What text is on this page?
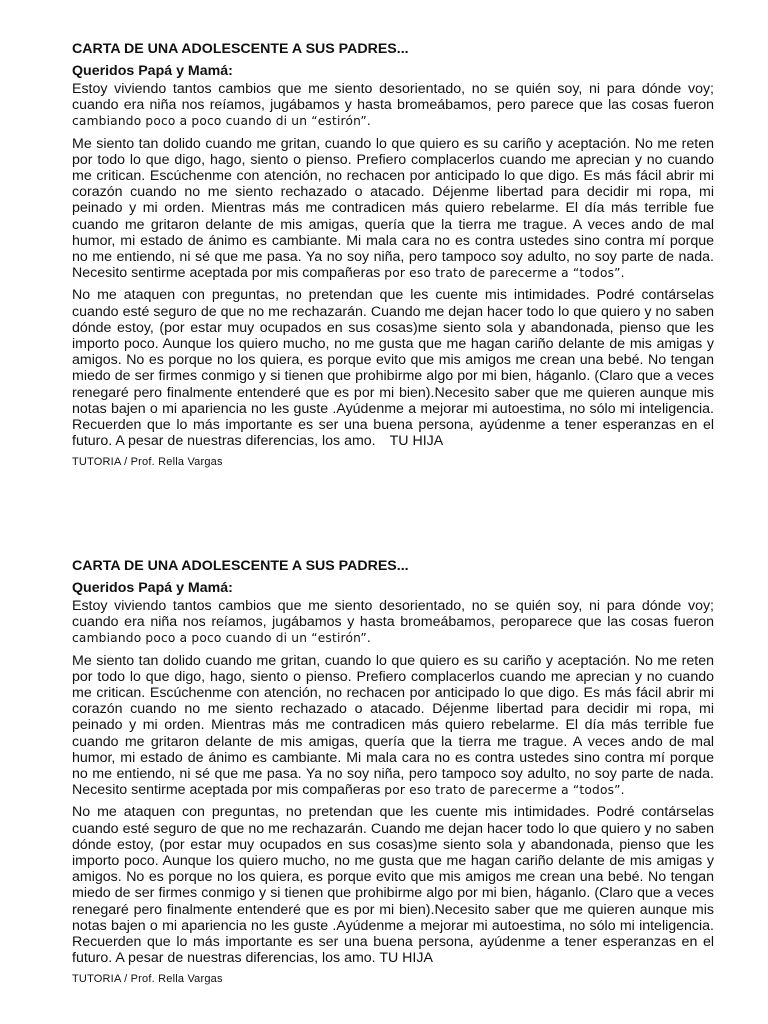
CARTA DE UNA ADOLESCENTE A SUS PADRES...
Queridos Papá y Mamá:

Estoy viviendo tantos cambios que me siento desorientado, no se quién soy, ni para dónde voy; cuando era niña nos reíamos, jugábamos y hasta bromeábamos, pero parece que las cosas fueron cambiando poco a poco cuando di un “estirón”.

Me siento tan dolido cuando me gritan, cuando lo que quiero es su cariño y aceptación. No me reten por todo lo que digo, hago, siento o pienso. Prefiero complacerlos cuando me aprecian y no cuando me critican. Escúchenme con atención, no rechacen por anticipado lo que digo. Es más fácil abrir mi corazón cuando no me siento rechazado o atacado. Déjenme libertad para decidir mi ropa, mi peinado y mi orden. Mientras más me contradicen más quiero rebelarme. El día más terrible fue cuando me gritaron delante de mis amigas, quería que la tierra me trague. A veces ando de mal humor, mi estado de ánimo es cambiante. Mi mala cara no es contra ustedes sino contra mí porque no me entiendo, ni sé que me pasa. Ya no soy niña, pero tampoco soy adulto, no soy parte de nada. Necesito sentirme aceptada por mis compañeras por eso trato de parecerme a “todos”.

No me ataquen con preguntas, no pretendan que les cuente mis intimidades. Podré contárselas cuando esté seguro de que no me rechazarán. Cuando me dejan hacer todo lo que quiero y no saben dónde estoy, (por estar muy ocupados en sus cosas)me siento sola y abandonada, pienso que les importo poco. Aunque los quiero mucho, no me gusta que me hagan cariño delante de mis amigas y amigos. No es porque no los quiera, es porque evito que mis amigos me crean una bebé. No tengan miedo de ser firmes conmigo y si tienen que prohibirme algo por mi bien, háganlo. (Claro que a veces renegaré pero finalmente entenderé que es por mi bien).Necesito saber que me quieren aunque mis notas bajen o mi apariencia no les guste .Ayúdenme a mejorar mi autoestima, no sólo mi inteligencia. Recuerden que lo más importante es ser una buena persona, ayúdenme a tener esperanzas en el futuro. A pesar de nuestras diferencias, los amo. TU HIJA

TUTORIA / Prof. Rella Vargas
CARTA DE UNA ADOLESCENTE A SUS PADRES...
Queridos Papá y Mamá:

Estoy viviendo tantos cambios que me siento desorientado, no se quién soy, ni para dónde voy; cuando era niña nos reíamos, jugábamos y hasta bromeábamos, peroparece que las cosas fueron cambiando poco a poco cuando di un “estirón”.

Me siento tan dolido cuando me gritan, cuando lo que quiero es su cariño y aceptación. No me reten por todo lo que digo, hago, siento o pienso. Prefiero complacerlos cuando me aprecian y no cuando me critican. Escúchenme con atención, no rechacen por anticipado lo que digo. Es más fácil abrir mi corazón cuando no me siento rechazado o atacado. Déjenme libertad para decidir mi ropa, mi peinado y mi orden. Mientras más me contradicen más quiero rebelarme. El día más terrible fue cuando me gritaron delante de mis amigas, quería que la tierra me trague. A veces ando de mal humor, mi estado de ánimo es cambiante. Mi mala cara no es contra ustedes sino contra mí porque no me entiendo, ni sé que me pasa. Ya no soy niña, pero tampoco soy adulto, no soy parte de nada. Necesito sentirme aceptada por mis compañeras por eso trato de parecerme a “todos”.

No me ataquen con preguntas, no pretendan que les cuente mis intimidades. Podré contárselas cuando esté seguro de que no me rechazarán. Cuando me dejan hacer todo lo que quiero y no saben dónde estoy, (por estar muy ocupados en sus cosas)me siento sola y abandonada, pienso que les importo poco. Aunque los quiero mucho, no me gusta que me hagan cariño delante de mis amigas y amigos. No es porque no los quiera, es porque evito que mis amigos me crean una bebé. No tengan miedo de ser firmes conmigo y si tienen que prohibirme algo por mi bien, háganlo. (Claro que a veces renegaré pero finalmente entenderé que es por mi bien).Necesito saber que me quieren aunque mis notas bajen o mi apariencia no les guste .Ayúdenme a mejorar mi autoestima, no sólo mi inteligencia. Recuerden que lo más importante es ser una buena persona, ayúdenme a tener esperanzas en el futuro. A pesar de nuestras diferencias, los amo. TU HIJA

TUTORIA / Prof. Rella Vargas
